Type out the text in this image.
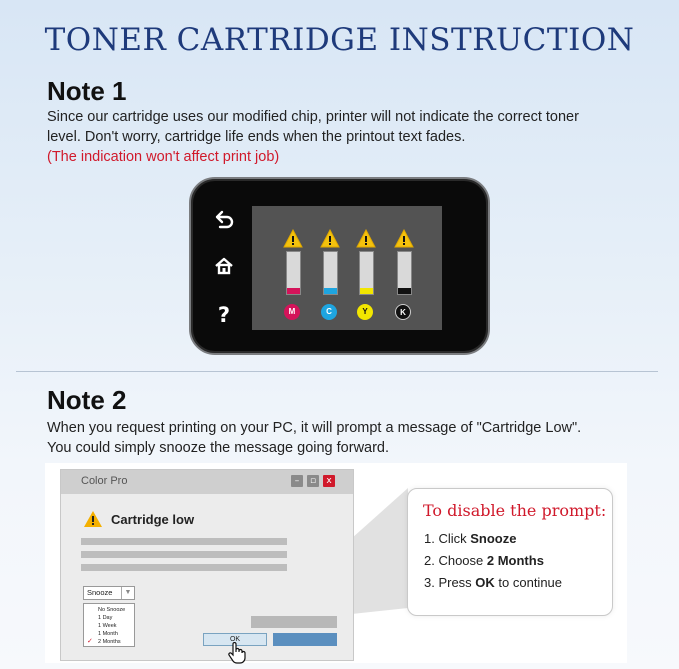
TONER CARTRIDGE INSTRUCTION
Note 1
Since our cartridge uses our modified chip, printer will not indicate the correct toner
level. Don't worry, cartridge life ends when the printout text fades.
(The indication won't affect print job)
?	M	C	Y	K
Note 2
When you request printing on your PC, it will prompt a message of "Cartridge Low".
You could simply snooze the message going forward.
Color Pro	–	▫	x
Cartridge low
Snooze	▼
No Snooze
1 Day
1 Week
1 Month
✓ 2 Months	OK
To disable the prompt:
1. Click Snooze
2. Choose 2 Months
3. Press OK to continue
